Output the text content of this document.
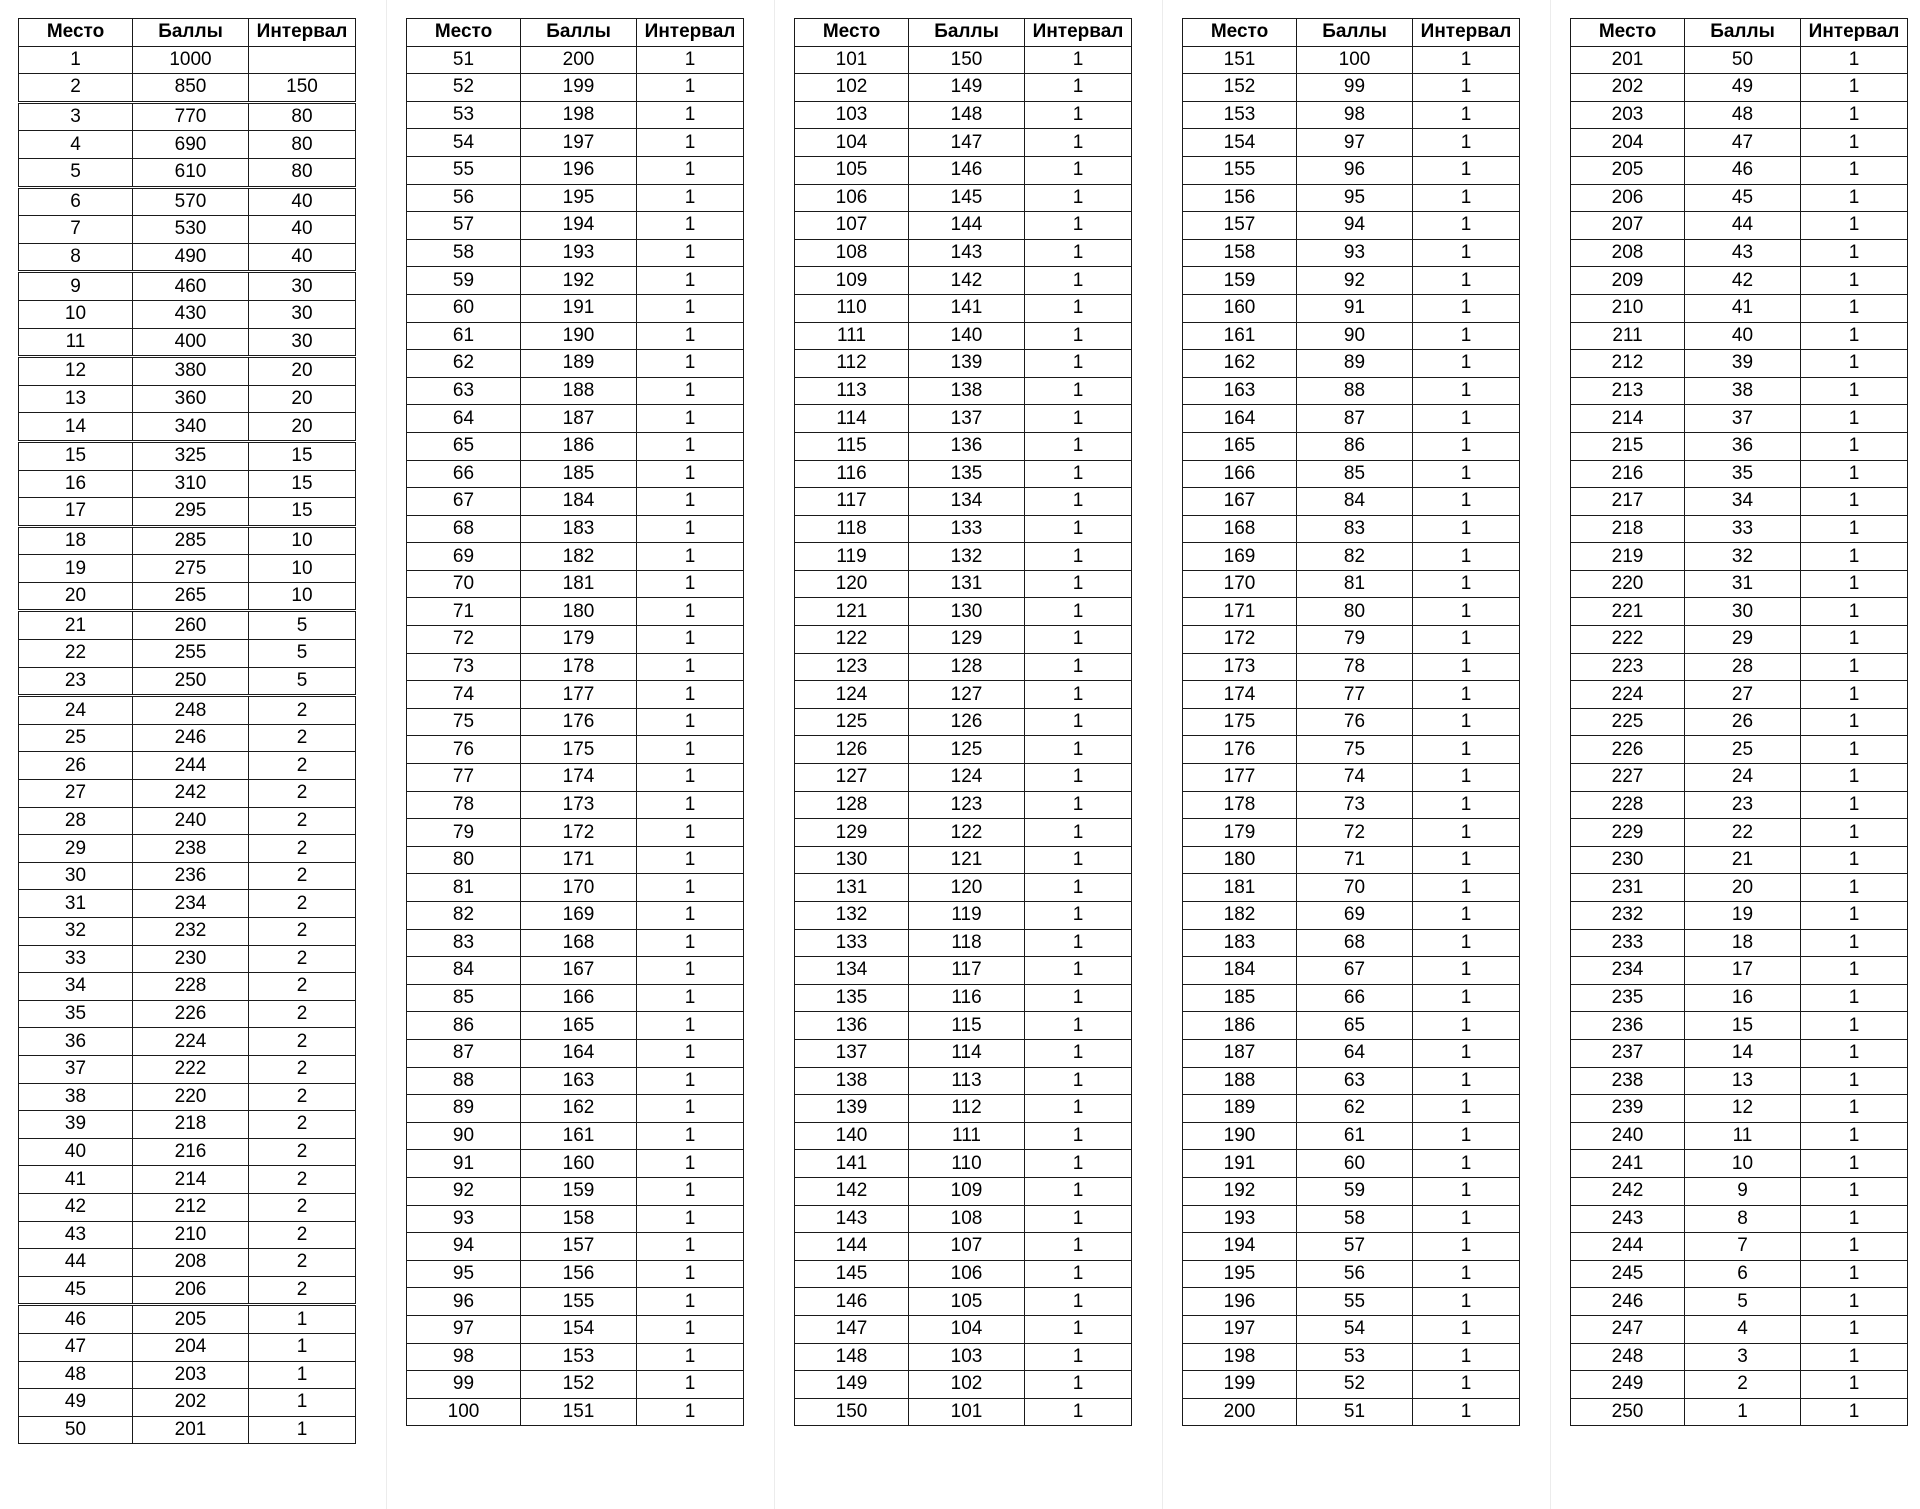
Место	Баллы	Интервал
1	1000	
2	850	150
3	770	80
4	690	80
5	610	80
6	570	40
7	530	40
8	490	40
9	460	30
10	430	30
11	400	30
12	380	20
13	360	20
14	340	20
15	325	15
16	310	15
17	295	15
18	285	10
19	275	10
20	265	10
21	260	5
22	255	5
23	250	5
24	248	2
25	246	2
26	244	2
27	242	2
28	240	2
29	238	2
30	236	2
31	234	2
32	232	2
33	230	2
34	228	2
35	226	2
36	224	2
37	222	2
38	220	2
39	218	2
40	216	2
41	214	2
42	212	2
43	210	2
44	208	2
45	206	2
46	205	1
47	204	1
48	203	1
49	202	1
50	201	1
Место	Баллы	Интервал
51	200	1
52	199	1
53	198	1
54	197	1
55	196	1
56	195	1
57	194	1
58	193	1
59	192	1
60	191	1
61	190	1
62	189	1
63	188	1
64	187	1
65	186	1
66	185	1
67	184	1
68	183	1
69	182	1
70	181	1
71	180	1
72	179	1
73	178	1
74	177	1
75	176	1
76	175	1
77	174	1
78	173	1
79	172	1
80	171	1
81	170	1
82	169	1
83	168	1
84	167	1
85	166	1
86	165	1
87	164	1
88	163	1
89	162	1
90	161	1
91	160	1
92	159	1
93	158	1
94	157	1
95	156	1
96	155	1
97	154	1
98	153	1
99	152	1
100	151	1
Место	Баллы	Интервал
101	150	1
102	149	1
103	148	1
104	147	1
105	146	1
106	145	1
107	144	1
108	143	1
109	142	1
110	141	1
111	140	1
112	139	1
113	138	1
114	137	1
115	136	1
116	135	1
117	134	1
118	133	1
119	132	1
120	131	1
121	130	1
122	129	1
123	128	1
124	127	1
125	126	1
126	125	1
127	124	1
128	123	1
129	122	1
130	121	1
131	120	1
132	119	1
133	118	1
134	117	1
135	116	1
136	115	1
137	114	1
138	113	1
139	112	1
140	111	1
141	110	1
142	109	1
143	108	1
144	107	1
145	106	1
146	105	1
147	104	1
148	103	1
149	102	1
150	101	1
Место	Баллы	Интервал
151	100	1
152	99	1
153	98	1
154	97	1
155	96	1
156	95	1
157	94	1
158	93	1
159	92	1
160	91	1
161	90	1
162	89	1
163	88	1
164	87	1
165	86	1
166	85	1
167	84	1
168	83	1
169	82	1
170	81	1
171	80	1
172	79	1
173	78	1
174	77	1
175	76	1
176	75	1
177	74	1
178	73	1
179	72	1
180	71	1
181	70	1
182	69	1
183	68	1
184	67	1
185	66	1
186	65	1
187	64	1
188	63	1
189	62	1
190	61	1
191	60	1
192	59	1
193	58	1
194	57	1
195	56	1
196	55	1
197	54	1
198	53	1
199	52	1
200	51	1
Место	Баллы	Интервал
201	50	1
202	49	1
203	48	1
204	47	1
205	46	1
206	45	1
207	44	1
208	43	1
209	42	1
210	41	1
211	40	1
212	39	1
213	38	1
214	37	1
215	36	1
216	35	1
217	34	1
218	33	1
219	32	1
220	31	1
221	30	1
222	29	1
223	28	1
224	27	1
225	26	1
226	25	1
227	24	1
228	23	1
229	22	1
230	21	1
231	20	1
232	19	1
233	18	1
234	17	1
235	16	1
236	15	1
237	14	1
238	13	1
239	12	1
240	11	1
241	10	1
242	9	1
243	8	1
244	7	1
245	6	1
246	5	1
247	4	1
248	3	1
249	2	1
250	1	1
